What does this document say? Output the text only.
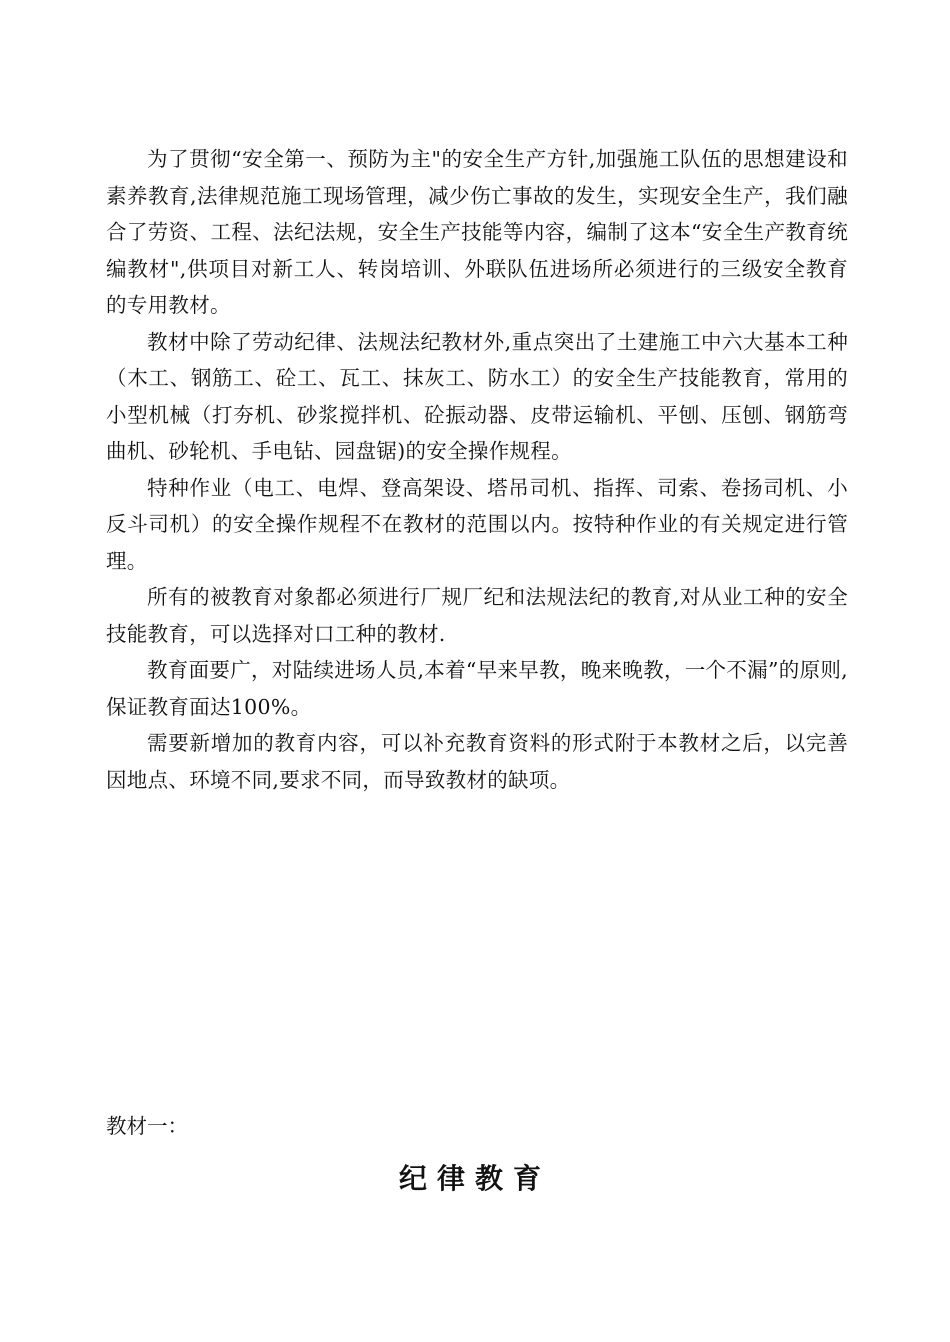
为了贯彻“安全第一、预防为主"的安全生产方针,加强施工队伍的思想建设和素养教育,法律规范施工现场管理，减少伤亡事故的发生，实现安全生产，我们融合了劳资、工程、法纪法规，安全生产技能等内容，编制了这本“安全生产教育统编教材",供项目对新工人、转岗培训、外联队伍进场所必须进行的三级安全教育的专用教材。

教材中除了劳动纪律、法规法纪教材外,重点突出了土建施工中六大基本工种（木工、钢筋工、砼工、瓦工、抹灰工、防水工）的安全生产技能教育，常用的小型机械（打夯机、砂浆搅拌机、砼振动器、皮带运输机、平刨、压刨、钢筋弯曲机、砂轮机、手电钻、园盘锯)的安全操作规程。

特种作业（电工、电焊、登高架设、塔吊司机、指挥、司索、卷扬司机、小反斗司机）的安全操作规程不在教材的范围以内。按特种作业的有关规定进行管理。

所有的被教育对象都必须进行厂规厂纪和法规法纪的教育,对从业工种的安全技能教育，可以选择对口工种的教材.

教育面要广，对陆续进场人员,本着“早来早教，晚来晚教，一个不漏”的原则,保证教育面达100%。

需要新增加的教育内容，可以补充教育资料的形式附于本教材之后，以完善因地点、环境不同,要求不同，而导致教材的缺项。

教材一：

纪律教育
